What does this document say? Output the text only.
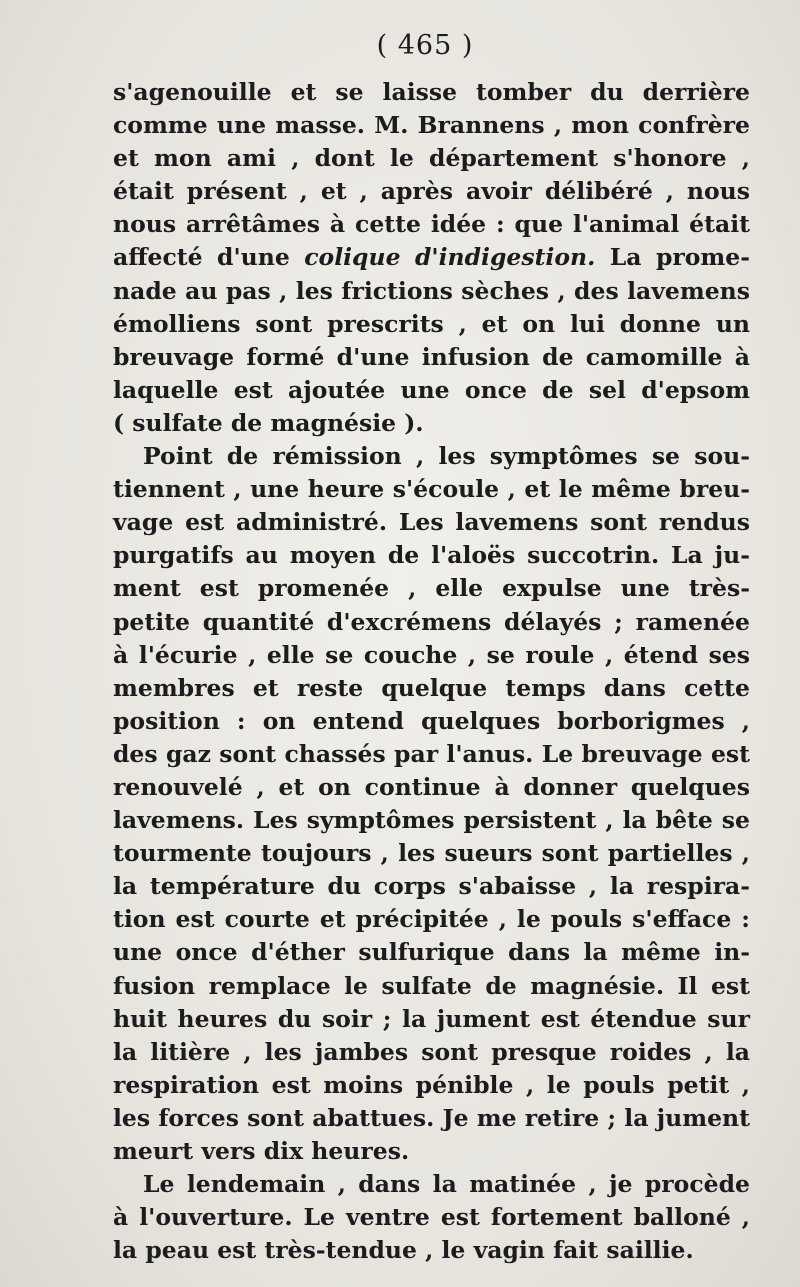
( 465 )
s'agenouille et se laisse tomber du derrière
comme une masse. M. Brannens , mon confrère
et mon ami , dont le département s'honore ,
était présent , et , après avoir délibéré , nous
nous arrêtâmes à cette idée : que l'animal était
affecté d'une colique d'indigestion. La prome-
nade au pas , les frictions sèches , des lavemens
émolliens sont prescrits , et on lui donne un
breuvage formé d'une infusion de camomille à
laquelle est ajoutée une once de sel d'epsom
( sulfate de magnésie ).
Point de rémission , les symptômes se sou-
tiennent , une heure s'écoule , et le même breu-
vage est administré. Les lavemens sont rendus
purgatifs au moyen de l'aloës succotrin. La ju-
ment est promenée , elle expulse une très-
petite quantité d'excrémens délayés ; ramenée
à l'écurie , elle se couche , se roule , étend ses
membres et reste quelque temps dans cette
position : on entend quelques borborigmes ,
des gaz sont chassés par l'anus. Le breuvage est
renouvelé , et on continue à donner quelques
lavemens. Les symptômes persistent , la bête se
tourmente toujours , les sueurs sont partielles ,
la température du corps s'abaisse , la respira-
tion est courte et précipitée , le pouls s'efface :
une once d'éther sulfurique dans la même in-
fusion remplace le sulfate de magnésie. Il est
huit heures du soir ; la jument est étendue sur
la litière , les jambes sont presque roides , la
respiration est moins pénible , le pouls petit ,
les forces sont abattues. Je me retire ; la jument
meurt vers dix heures.
Le lendemain , dans la matinée , je procède
à l'ouverture. Le ventre est fortement balloné ,
la peau est très-tendue , le vagin fait saillie.
